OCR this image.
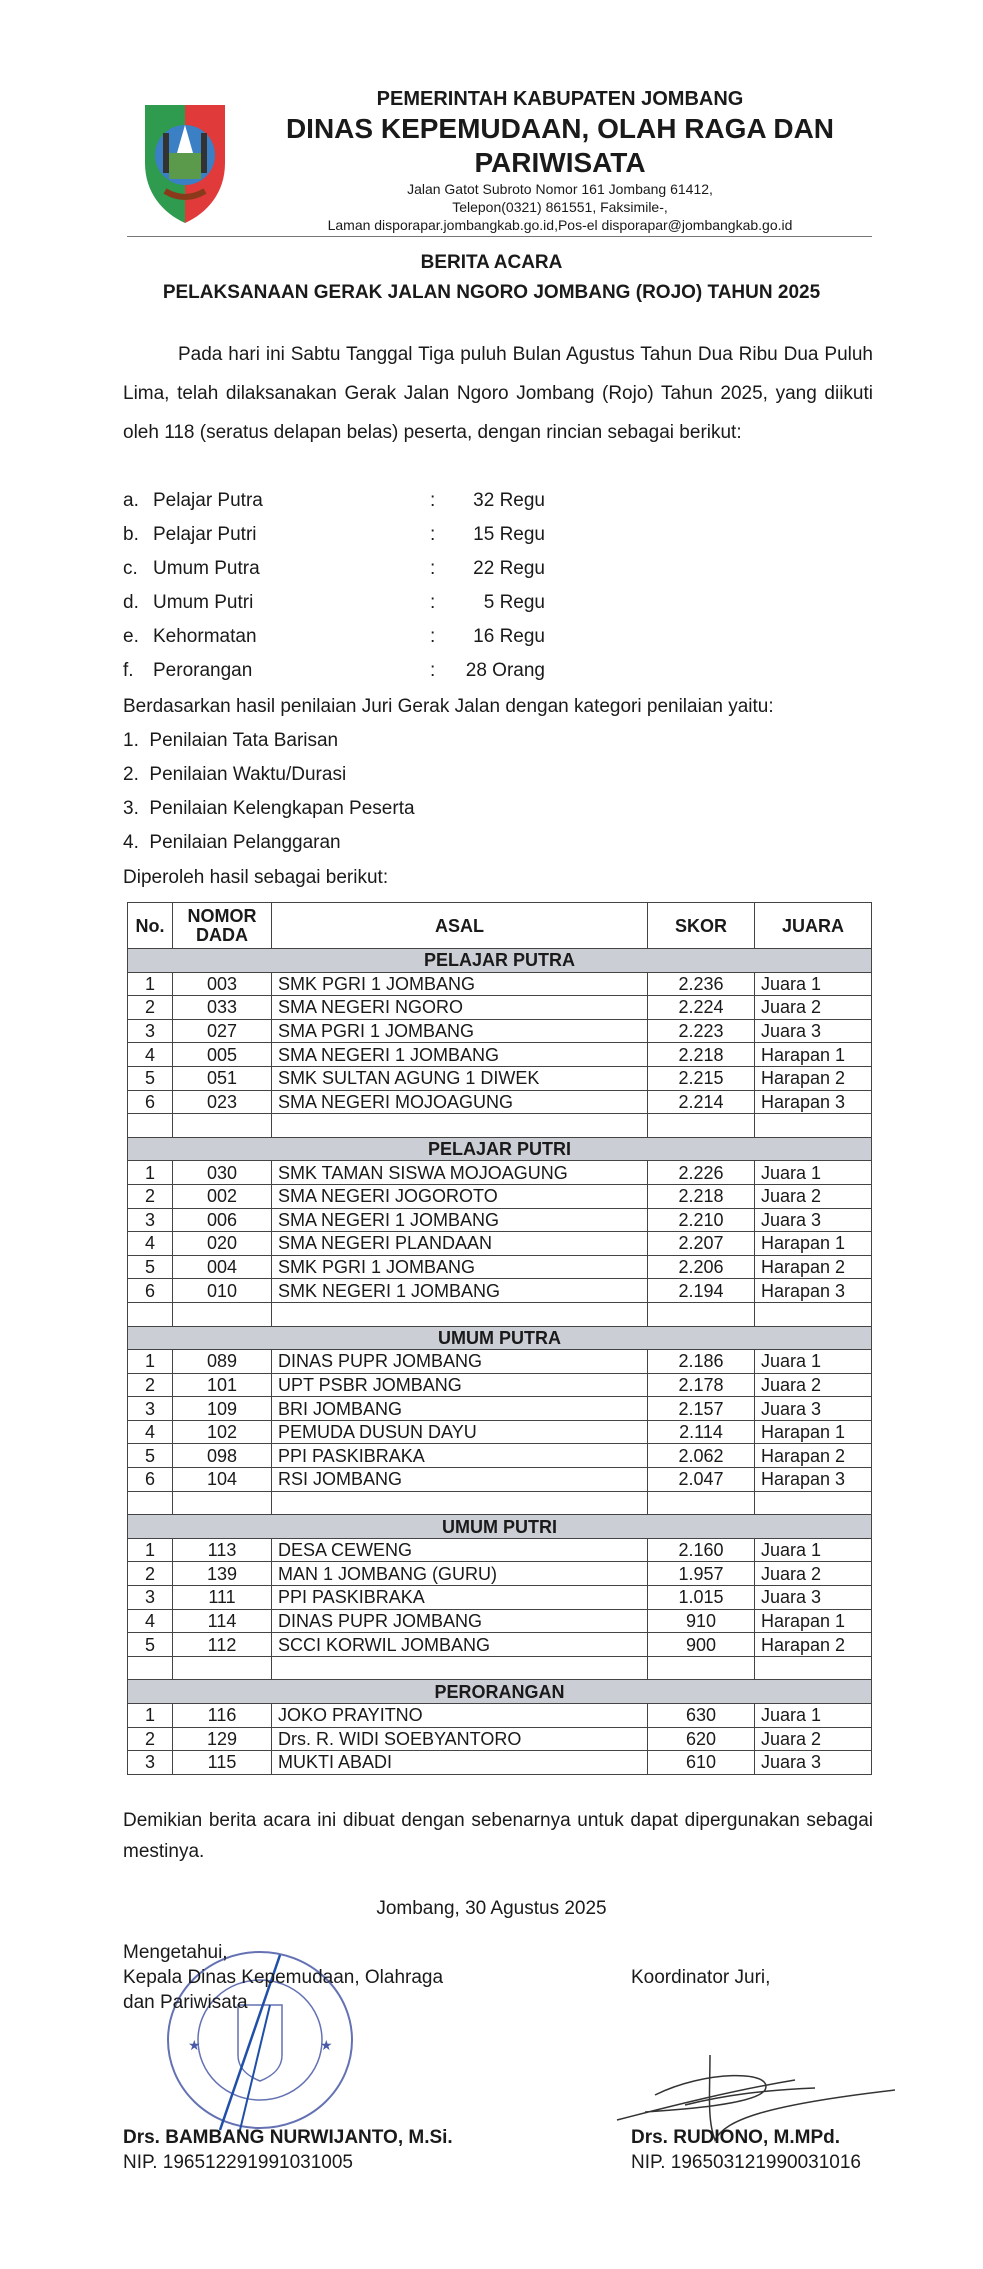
PEMERINTAH KABUPATEN JOMBANG
DINAS KEPEMUDAAN, OLAH RAGA DAN
PARIWISATA
Jalan Gatot Subroto Nomor 161 Jombang 61412,
Telepon(0321) 861551, Faksimile-,
Laman disporapar.jombangkab.go.id,Pos-el disporapar@jombangkab.go.id
BERITA ACARA
PELAKSANAAN GERAK JALAN NGORO JOMBANG (ROJO) TAHUN 2025
Pada hari ini Sabtu Tanggal Tiga puluh Bulan Agustus Tahun Dua Ribu Dua Puluh Lima, telah dilaksanakan Gerak Jalan Ngoro Jombang (Rojo) Tahun 2025, yang diikuti oleh 118 (seratus delapan belas) peserta, dengan rincian sebagai berikut:
a. Pelajar Putra	: 32 Regu
b. Pelajar Putri	: 15 Regu
c. Umum Putra	: 22 Regu
d. Umum Putri	:	5 Regu
e. Kehormatan	: 16 Regu
f. Perorangan	: 28 Orang
Berdasarkan hasil penilaian Juri Gerak Jalan dengan kategori penilaian yaitu:
1.  Penilaian Tata Barisan
2.  Penilaian Waktu/Durasi
3.  Penilaian Kelengkapan Peserta
4.  Penilaian Pelanggaran
Diperoleh hasil sebagai berikut:
No.	NOMOR DADA	ASAL	SKOR	JUARA
PELAJAR PUTRA				
1	003	SMK PGRI 1 JOMBANG	2.236	Juara 1
2	033	SMA NEGERI NGORO	2.224	Juara 2
3	027	SMA PGRI 1 JOMBANG	2.223	Juara 3
4	005	SMA NEGERI 1 JOMBANG	2.218	Harapan 1
5	051	SMK SULTAN AGUNG 1 DIWEK	2.215	Harapan 2
6	023	SMA NEGERI MOJOAGUNG	2.214	Harapan 3

PELAJAR PUTRI				
1	030	SMK TAMAN SISWA MOJOAGUNG	2.226	Juara 1
2	002	SMA NEGERI JOGOROTO	2.218	Juara 2
3	006	SMA NEGERI 1 JOMBANG	2.210	Juara 3
4	020	SMA NEGERI PLANDAAN	2.207	Harapan 1
5	004	SMK PGRI 1 JOMBANG	2.206	Harapan 2
6	010	SMK NEGERI 1 JOMBANG	2.194	Harapan 3

UMUM PUTRA				
1	089	DINAS PUPR JOMBANG	2.186	Juara 1
2	101	UPT PSBR JOMBANG	2.178	Juara 2
3	109	BRI JOMBANG	2.157	Juara 3
4	102	PEMUDA DUSUN DAYU	2.114	Harapan 1
5	098	PPI PASKIBRAKA	2.062	Harapan 2
6	104	RSI JOMBANG	2.047	Harapan 3

UMUM PUTRI				
1	113	DESA CEWENG	2.160	Juara 1
2	139	MAN 1 JOMBANG (GURU)	1.957	Juara 2
3	111	PPI PASKIBRAKA	1.015	Juara 3
4	114	DINAS PUPR JOMBANG	910	Harapan 1
5	112	SCCI KORWIL JOMBANG	900	Harapan 2

PERORANGAN				
1	116	JOKO PRAYITNO	630	Juara 1
2	129	Drs. R. WIDI SOEBYANTORO	620	Juara 2
3	115	MUKTI ABADI	610	Juara 3
Demikian berita acara ini dibuat dengan sebenarnya untuk dapat dipergunakan sebagai mestinya.
Jombang, 30 Agustus 2025
★	★
Mengetahui,
Kepala Dinas Kepemudaan, Olahraga
dan Pariwisata
Drs. BAMBANG NURWIJANTO, M.Si.
NIP. 196512291991031005
Koordinator Juri,
Drs. RUDIONO, M.MPd.
NIP. 196503121990031016
